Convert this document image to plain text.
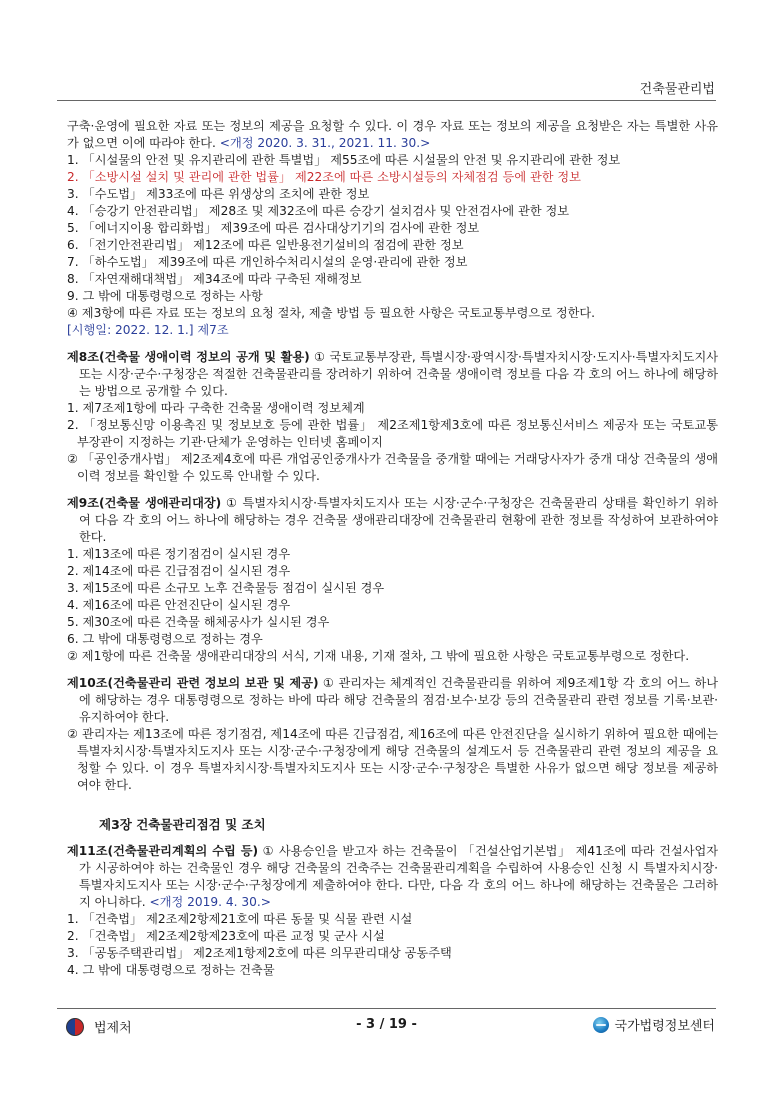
건축물관리법

구축·운영에 필요한 자료 또는 정보의 제공을 요청할 수 있다. 이 경우 자료 또는 정보의 제공을 요청받은 자는 특별한 사유가 없으면 이에 따라야 한다. <개정 2020. 3. 31., 2021. 11. 30.>

1. 「시설물의 안전 및 유지관리에 관한 특별법」 제55조에 따른 시설물의 안전 및 유지관리에 관한 정보

2. 「소방시설 설치 및 관리에 관한 법률」 제22조에 따른 소방시설등의 자체점검 등에 관한 정보

3. 「수도법」 제33조에 따른 위생상의 조치에 관한 정보

4. 「승강기 안전관리법」 제28조 및 제32조에 따른 승강기 설치검사 및 안전검사에 관한 정보

5. 「에너지이용 합리화법」 제39조에 따른 검사대상기기의 검사에 관한 정보

6. 「전기안전관리법」 제12조에 따른 일반용전기설비의 점검에 관한 정보

7. 「하수도법」 제39조에 따른 개인하수처리시설의 운영·관리에 관한 정보

8. 「자연재해대책법」 제34조에 따라 구축된 재해정보

9. 그 밖에 대통령령으로 정하는 사항

④ 제3항에 따른 자료 또는 정보의 요청 절차, 제출 방법 등 필요한 사항은 국토교통부령으로 정한다.

[시행일: 2022. 12. 1.] 제7조

제8조(건축물 생애이력 정보의 공개 및 활용) ① 국토교통부장관, 특별시장·광역시장·특별자치시장·도지사·특별자치도지사 또는 시장·군수·구청장은 적절한 건축물관리를 장려하기 위하여 건축물 생애이력 정보를 다음 각 호의 어느 하나에 해당하는 방법으로 공개할 수 있다.

1. 제7조제1항에 따라 구축한 건축물 생애이력 정보체계

2. 「정보통신망 이용촉진 및 정보보호 등에 관한 법률」 제2조제1항제3호에 따른 정보통신서비스 제공자 또는 국토교통부장관이 지정하는 기관·단체가 운영하는 인터넷 홈페이지

② 「공인중개사법」 제2조제4호에 따른 개업공인중개사가 건축물을 중개할 때에는 거래당사자가 중개 대상 건축물의 생애이력 정보를 확인할 수 있도록 안내할 수 있다.

제9조(건축물 생애관리대장) ① 특별자치시장·특별자치도지사 또는 시장·군수·구청장은 건축물관리 상태를 확인하기 위하여 다음 각 호의 어느 하나에 해당하는 경우 건축물 생애관리대장에 건축물관리 현황에 관한 정보를 작성하여 보관하여야 한다.

1. 제13조에 따른 정기점검이 실시된 경우

2. 제14조에 따른 긴급점검이 실시된 경우

3. 제15조에 따른 소규모 노후 건축물등 점검이 실시된 경우

4. 제16조에 따른 안전진단이 실시된 경우

5. 제30조에 따른 건축물 해체공사가 실시된 경우

6. 그 밖에 대통령령으로 정하는 경우

② 제1항에 따른 건축물 생애관리대장의 서식, 기재 내용, 기재 절차, 그 밖에 필요한 사항은 국토교통부령으로 정한다.

제10조(건축물관리 관련 정보의 보관 및 제공) ① 관리자는 체계적인 건축물관리를 위하여 제9조제1항 각 호의 어느 하나에 해당하는 경우 대통령령으로 정하는 바에 따라 해당 건축물의 점검·보수·보강 등의 건축물관리 관련 정보를 기록·보관·유지하여야 한다.

② 관리자는 제13조에 따른 정기점검, 제14조에 따른 긴급점검, 제16조에 따른 안전진단을 실시하기 위하여 필요한 때에는 특별자치시장·특별자치도지사 또는 시장·군수·구청장에게 해당 건축물의 설계도서 등 건축물관리 관련 정보의 제공을 요청할 수 있다. 이 경우 특별자치시장·특별자치도지사 또는 시장·군수·구청장은 특별한 사유가 없으면 해당 정보를 제공하여야 한다.

제3장 건축물관리점검 및 조치

제11조(건축물관리계획의 수립 등) ① 사용승인을 받고자 하는 건축물이 「건설산업기본법」 제41조에 따라 건설사업자가 시공하여야 하는 건축물인 경우 해당 건축물의 건축주는 건축물관리계획을 수립하여 사용승인 신청 시 특별자치시장·특별자치도지사 또는 시장·군수·구청장에게 제출하여야 한다. 다만, 다음 각 호의 어느 하나에 해당하는 건축물은 그러하지 아니하다. <개정 2019. 4. 30.>

1. 「건축법」 제2조제2항제21호에 따른 동물 및 식물 관련 시설

2. 「건축법」 제2조제2항제23호에 따른 교정 및 군사 시설

3. 「공동주택관리법」 제2조제1항제2호에 따른 의무관리대상 공동주택

4. 그 밖에 대통령령으로 정하는 건축물

법제처	- 3 / 19 -	국가법령정보센터
